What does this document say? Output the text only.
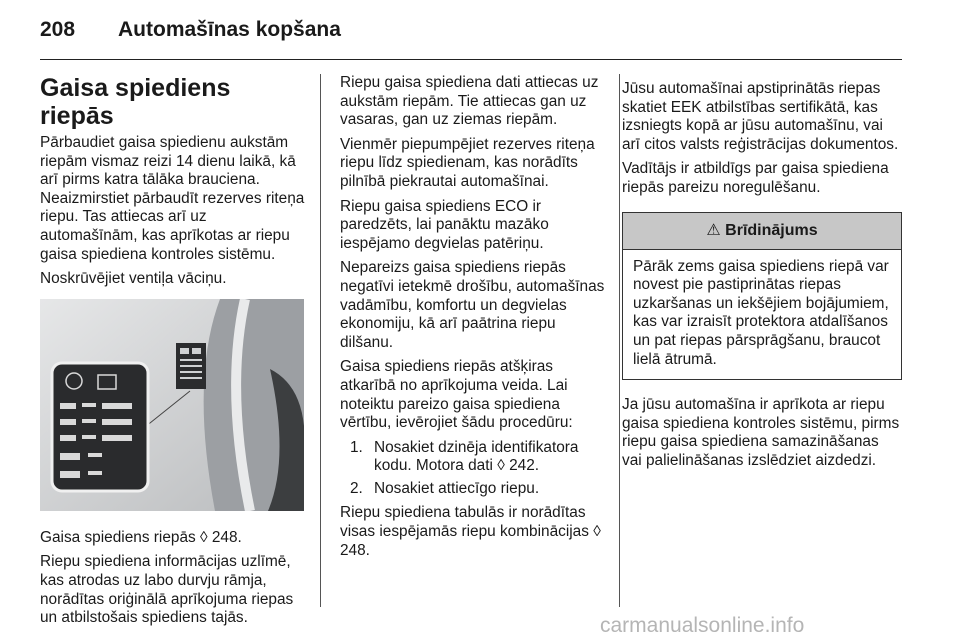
208 Automašīnas kopšana
Gaisa spiediens riepās

Pārbaudiet gaisa spiedienu aukstām riepām vismaz reizi 14 dienu laikā, kā arī pirms katra tālāka brauciena. Neaizmirstiet pārbaudīt rezerves riteņa riepu. Tas attiecas arī uz automašīnām, kas aprīkotas ar riepu gaisa spiediena kontroles sistēmu.

Noskrūvējiet ventiļa vāciņu.

Gaisa spiediens riepās ◊ 248.

Riepu spiediena informācijas uzlīmē, kas atrodas uz labo durvju rāmja, norādītas oriģinālā aprīkojuma riepas un atbilstošais spiediens tajās.

Riepu gaisa spiediena dati attiecas uz aukstām riepām. Tie attiecas gan uz vasaras, gan uz ziemas riepām.

Vienmēr piepumpējiet rezerves riteņa riepu līdz spiedienam, kas norādīts pilnībā piekrautai automašīnai.

Riepu gaisa spiediens ECO ir paredzēts, lai panāktu mazāko iespējamo degvielas patēriņu.

Nepareizs gaisa spiediens riepās negatīvi ietekmē drošību, automašīnas vadāmību, komfortu un degvielas ekonomiju, kā arī paātrina riepu dilšanu.

Gaisa spiediens riepās atšķiras atkarībā no aprīkojuma veida. Lai noteiktu pareizo gaisa spiediena vērtību, ievērojiet šādu procedūru:

1. Nosakiet dzinēja identifikatora kodu. Motora dati ◊ 242.
2. Nosakiet attiecīgo riepu.

Riepu spiediena tabulās ir norādītas visas iespējamās riepu kombinācijas ◊ 248.

Jūsu automašīnai apstiprinātās riepas skatiet EEK atbilstības sertifikātā, kas izsniegts kopā ar jūsu automašīnu, vai arī citos valsts reģistrācijas dokumentos.

Vadītājs ir atbildīgs par gaisa spiediena riepās pareizu noregulēšanu.

⚠ Brīdinājums
Pārāk zems gaisa spiediens riepā var novest pie pastiprinātas riepas uzkaršanas un iekšējiem bojājumiem, kas var izraisīt protektora atdalīšanos un pat riepas pārsprāgšanu, braucot lielā ātrumā.

Ja jūsu automašīna ir aprīkota ar riepu gaisa spiediena kontroles sistēmu, pirms riepu gaisa spiediena samazināšanas vai palielināšanas izslēdziet aizdedzi.

carmanualsonline.info
